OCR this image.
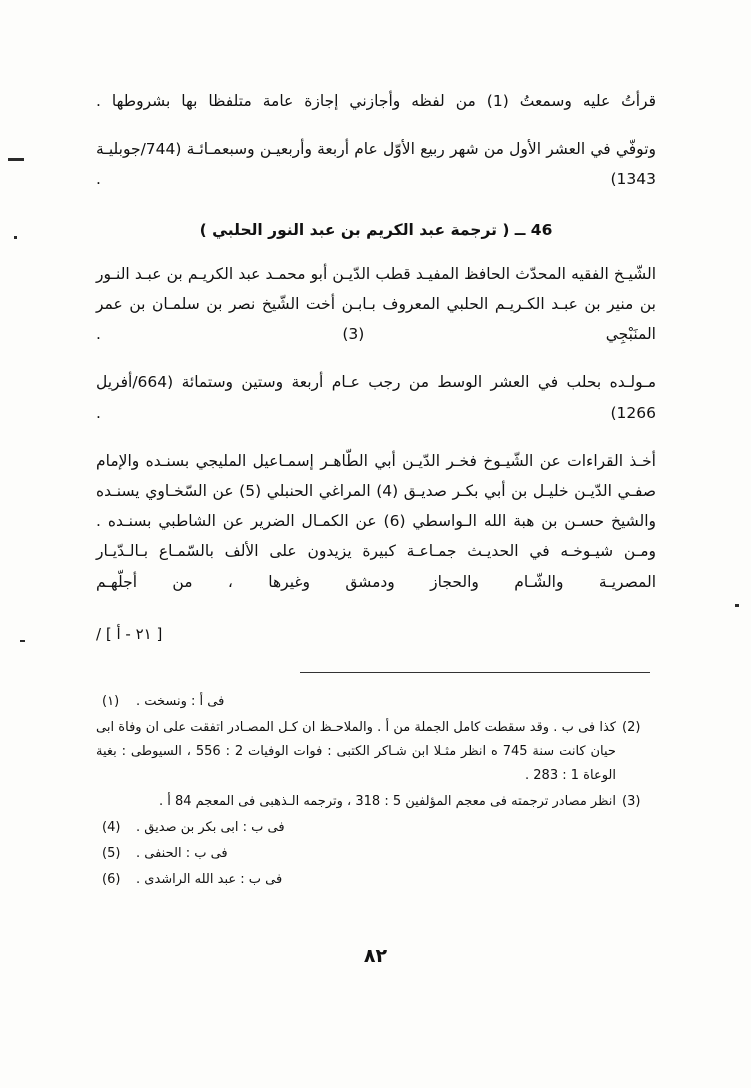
قرأتُ عليه وسمعتُ (1) من لفظه وأجازني إجازة عامة متلفظا بها بشروطها .

وتوفّي في العشر الأول من شهر ربيع الأوّل عام أربعة وأربعيـن وسبعمـائـة (744/جوبليـة 1343) .

46 ــ ( ترجمة عبد الكريم بن عبد النور الحلبي )

الشّيـخ الفقيه المحدّث الحافظ المفيـد قطب الدّيـن أبو محمـد عبد الكريـم بن عبـد النـور بن منير بن عبـد الكـريـم الحلبي المعروف بـابـن أخت الشّيخ نصر بن سلمـان بن عمر المنَبْجِي (3) .

مـولـده بحلب في العشر الوسط من رجب عـام أربعة وستين وستمائة (664/أفريل 1266) .

أخـذ القراءات عن الشّيـوخ فخـر الدّيـن أبي الطّاهـر إسمـاعيل المليجي بسنـده والإمام صفـي الدّيـن خليـل بن أبي بكـر صديـق (4) المراغي الحنبلي (5) عن السّخـاوي يسنـده والشيخ حسـن بن هبة الله الـواسطي (6) عن الكمـال الضرير عن الشاطبي بسنـده . ومـن شيـوخـه في الحديـث جمـاعـة كبيرة يزيدون على الألف بالسّمـاع بـالـدّيـار المصريـة والشّـام والحجاز ودمشق وغيرها ، من أجلّهـم

[ ٢١ - أ ] /
فى أ : ونسخت .
(١)
(2)
كذا فى ب . وقد سقطت كامل الجملة من أ . والملاحـظ ان كـل المصـادر اتفقت على ان وفاة ابى حيان كانت سنة 745 ه انظر مثـلا ابن شـاكر الكتبى : فوات الوفيات 2 : 556 ، السيوطى : بغية الوعاة 1 : 283 .
(3)
انظر مصادر ترجمته فى معجم المؤلفين 5 : 318 ، وترجمه الـذهبى فى المعجم 84 أ .
فى ب : ابى بكر بن صديق .
(4)
فى ب : الحنفى .
(5)
فى ب : عبد الله الراشدى .
(6)
٨٢
